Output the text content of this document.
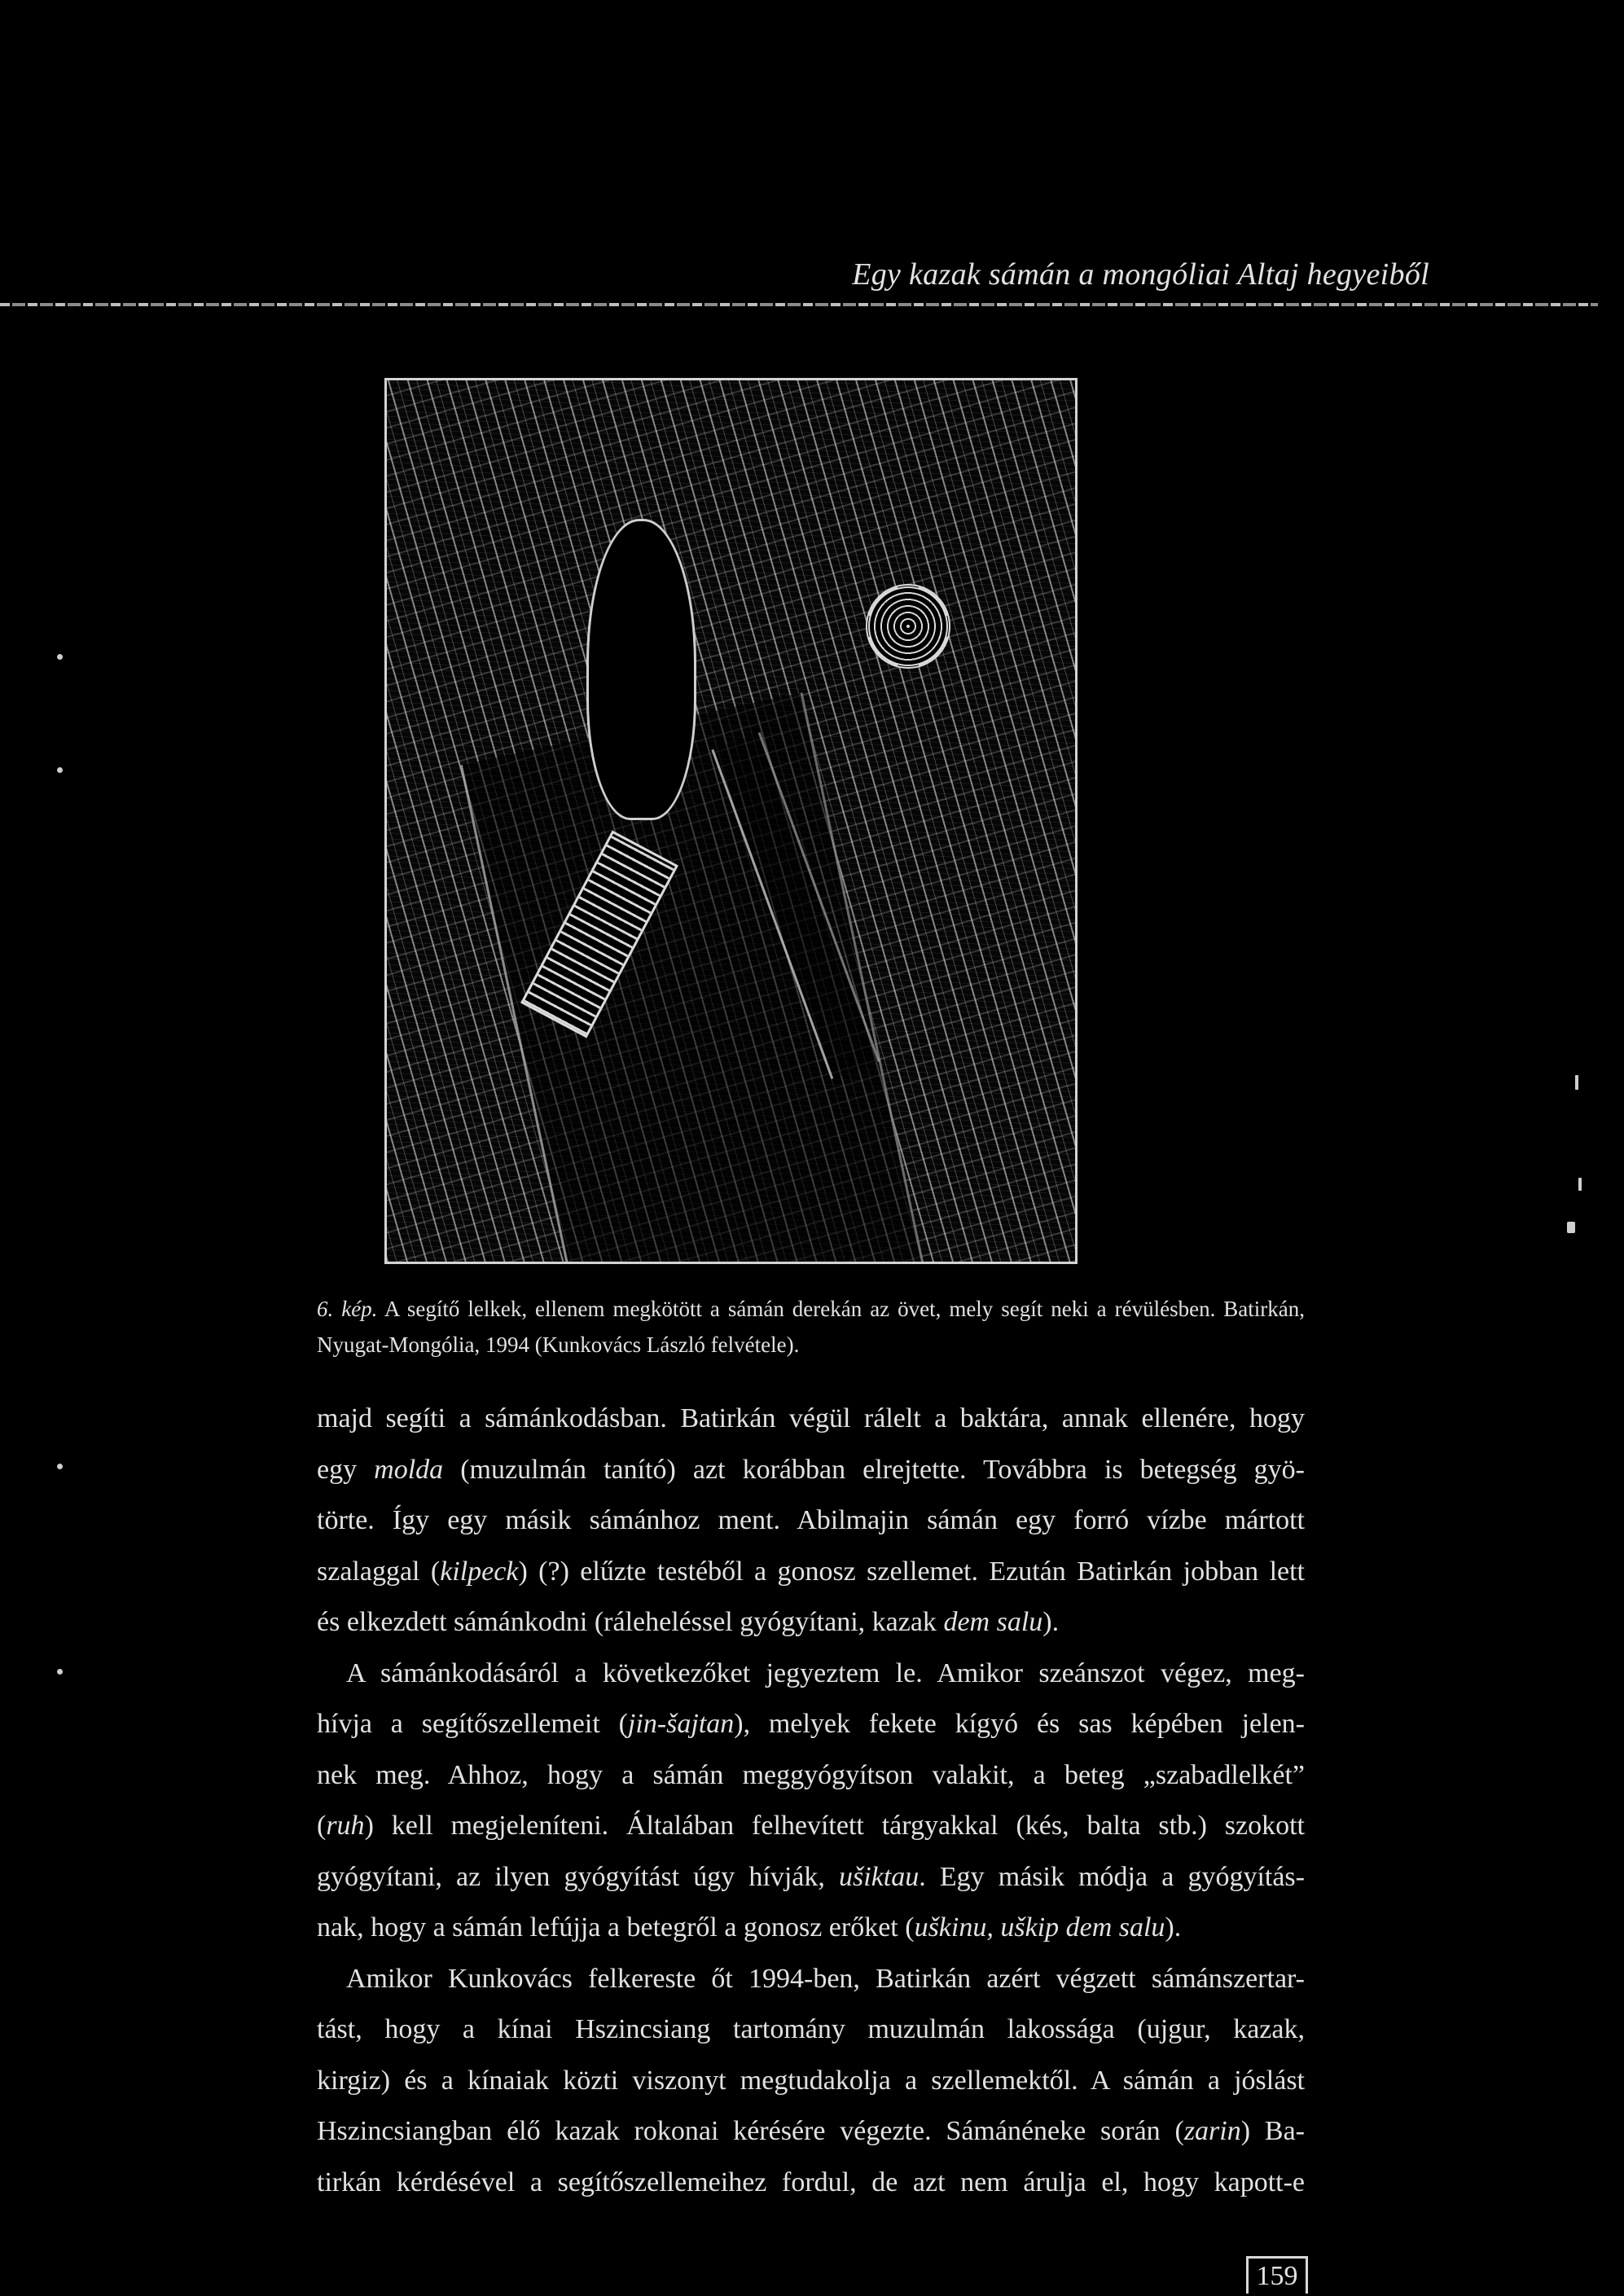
Egy kazak sámán a mongóliai Altaj hegyeiből
6. kép. A segítő lelkek, ellenem megkötött a sámán derekán az övet, mely segít neki a révülésben. Batirkán,
Nyugat-Mongólia, 1994 (Kunkovács László felvétele).
majd segíti a sámánkodásban. Batirkán végül rálelt a baktára, annak ellenére, hogy
egy molda (muzulmán tanító) azt korábban elrejtette. Továbbra is betegség gyö-
törte. Így egy másik sámánhoz ment. Abilmajin sámán egy forró vízbe mártott
szalaggal (kilpeck) (?) elűzte testéből a gonosz szellemet. Ezután Batirkán jobban lett
és elkezdett sámánkodni (ráleheléssel gyógyítani, kazak dem salu).
A sámánkodásáról a következőket jegyeztem le. Amikor szeánszot végez, meg-
hívja a segítőszellemeit (jin-šajtan), melyek fekete kígyó és sas képében jelen-
nek meg. Ahhoz, hogy a sámán meggyógyítson valakit, a beteg „szabadlelkét”
(ruh) kell megjeleníteni. Általában felhevített tárgyakkal (kés, balta stb.) szokott
gyógyítani, az ilyen gyógyítást úgy hívják, ušiktau. Egy másik módja a gyógyítás-
nak, hogy a sámán lefújja a betegről a gonosz erőket (uškinu, uškip dem salu).
Amikor Kunkovács felkereste őt 1994-ben, Batirkán azért végzett sámánszertar-
tást, hogy a kínai Hszincsiang tartomány muzulmán lakossága (ujgur, kazak,
kirgiz) és a kínaiak közti viszonyt megtudakolja a szellemektől. A sámán a jóslást
Hszincsiangban élő kazak rokonai kérésére végezte. Sámánéneke során (zarin) Ba-
tirkán kérdésével a segítőszellemeihez fordul, de azt nem árulja el, hogy kapott-e
159
